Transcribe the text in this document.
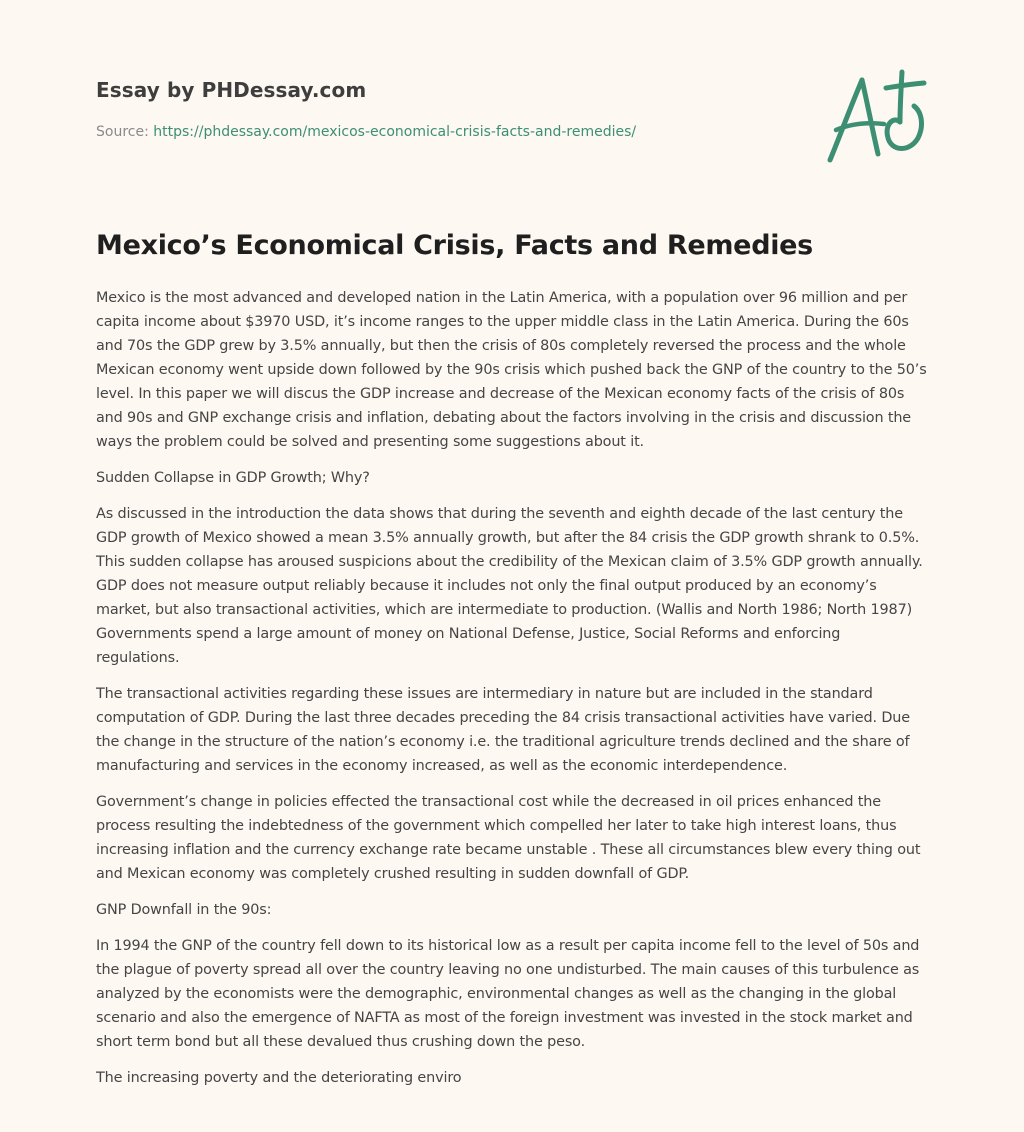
Essay by PHDessay.com
Source: https://phdessay.com/mexicos-economical-crisis-facts-and-remedies/
Mexico’s Economical Crisis, Facts and Remedies

Mexico is the most advanced and developed nation in the Latin America, with a population over 96 million and per capita income about $3970 USD, it’s income ranges to the upper middle class in the Latin America. During the 60s and 70s the GDP grew by 3.5% annually, but then the crisis of 80s completely reversed the process and the whole Mexican economy went upside down followed by the 90s crisis which pushed back the GNP of the country to the 50’s level. In this paper we will discus the GDP increase and decrease of the Mexican economy facts of the crisis of 80s and 90s and GNP exchange crisis and inflation, debating about the factors involving in the crisis and discussion the ways the problem could be solved and presenting some suggestions about it.

Sudden Collapse in GDP Growth; Why?

As discussed in the introduction the data shows that during the seventh and eighth decade of the last century the GDP growth of Mexico showed a mean 3.5% annually growth, but after the 84 crisis the GDP growth shrank to 0.5%. This sudden collapse has aroused suspicions about the credibility of the Mexican claim of 3.5% GDP growth annually. GDP does not measure output reliably because it includes not only the final output produced by an economy’s market, but also transactional activities, which are intermediate to production. (Wallis and North 1986; North 1987) Governments spend a large amount of money on National Defense, Justice, Social Reforms and enforcing regulations.

The transactional activities regarding these issues are intermediary in nature but are included in the standard computation of GDP. During the last three decades preceding the 84 crisis transactional activities have varied. Due the change in the structure of the nation’s economy i.e. the traditional agriculture trends declined and the share of manufacturing and services in the economy increased, as well as the economic interdependence.

Government’s change in policies effected the transactional cost while the decreased in oil prices enhanced the process resulting the indebtedness of the government which compelled her later to take high interest loans, thus increasing inflation and the currency exchange rate became unstable . These all circumstances blew every thing out and Mexican economy was completely crushed resulting in sudden downfall of GDP.

GNP Downfall in the 90s:

In 1994 the GNP of the country fell down to its historical low as a result per capita income fell to the level of 50s and the plague of poverty spread all over the country leaving no one undisturbed. The main causes of this turbulence as analyzed by the economists were the demographic, environmental changes as well as the changing in the global scenario and also the emergence of NAFTA as most of the foreign investment was invested in the stock market and short term bond but all these devalued thus crushing down the peso.

The increasing poverty and the deteriorating enviro
